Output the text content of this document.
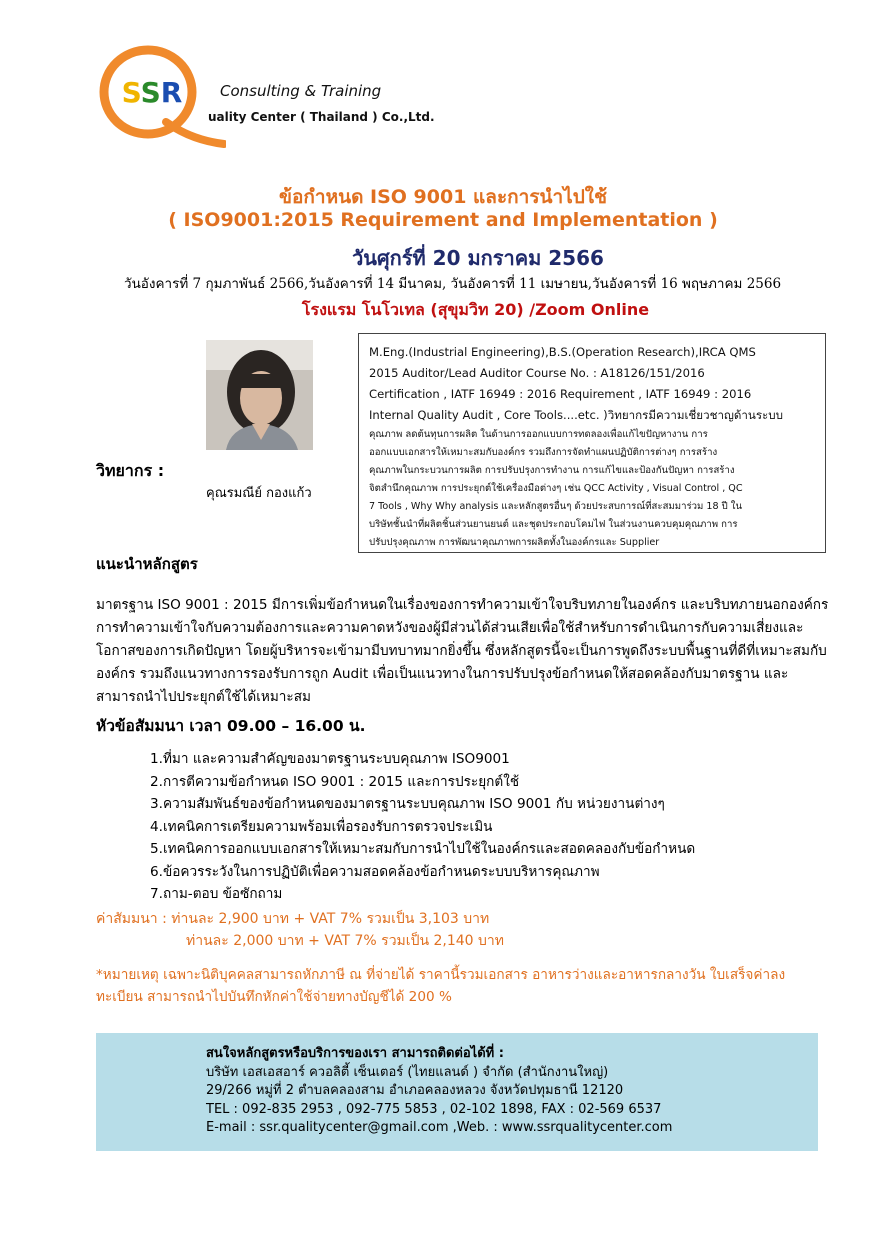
SSR	Consulting & Training
uality Center ( Thailand ) Co.,Ltd.
ข้อกำหนด ISO 9001 และการนำไปใช้
( ISO9001:2015 Requirement and Implementation )
วันศุกร์ที่ 20 มกราคม 2566
วันอังคารที่ 7 กุมภาพันธ์ 2566,วันอังคารที่ 14 มีนาคม, วันอังคารที่ 11 เมษายน,วันอังคารที่ 16 พฤษภาคม 2566
โรงแรม โนโวเทล (สุขุมวิท 20) /Zoom Online
วิทยากร :
คุณรมณีย์ กองแก้ว
M.Eng.(Industrial Engineering),B.S.(Operation Research),IRCA QMS
2015 Auditor/Lead Auditor Course No. : A18126/151/2016
Certification , IATF 16949 : 2016 Requirement , IATF 16949 : 2016
Internal Quality Audit , Core Tools....etc. )วิทยากรมีความเชี่ยวชาญด้านระบบ
คุณภาพ ลดต้นทุนการผลิต ในด้านการออกแบบการทดลองเพื่อแก้ไขปัญหางาน การ
ออกแบบเอกสารให้เหมาะสมกับองค์กร รวมถึงการจัดทำแผนปฏิบัติการต่างๆ การสร้าง
คุณภาพในกระบวนการผลิต การปรับปรุงการทำงาน การแก้ไขและป้องกันปัญหา การสร้าง
จิตสำนึกคุณภาพ การประยุกต์ใช้เครื่องมือต่างๆ เช่น QCC Activity , Visual Control , QC
7 Tools , Why Why analysis และหลักสูตรอื่นๆ ด้วยประสบการณ์ที่สะสมมาร่วม 18 ปี ใน
บริษัทชั้นนำที่ผลิตชิ้นส่วนยานยนต์ และชุดประกอบโคมไฟ ในส่วนงานควบคุมคุณภาพ การ
ปรับปรุงคุณภาพ การพัฒนาคุณภาพการผลิตทั้งในองค์กรและ Supplier
แนะนำหลักสูตร
มาตรฐาน ISO 9001 : 2015 มีการเพิ่มข้อกำหนดในเรื่องของการทำความเข้าใจบริบทภายในองค์กร และบริบทภายนอกองค์กร การทำความเข้าใจกับความต้องการและความคาดหวังของผู้มีส่วนได้ส่วนเสียเพื่อใช้สำหรับการดำเนินการกับความเสี่ยงและโอกาสของการเกิดปัญหา โดยผู้บริหารจะเข้ามามีบทบาทมากยิ่งขึ้น ซึ่งหลักสูตรนี้จะเป็นการพูดถึงระบบพื้นฐานที่ดีที่เหมาะสมกับองค์กร รวมถึงแนวทางการรองรับการถูก Audit เพื่อเป็นแนวทางในการปรับปรุงข้อกำหนดให้สอดคล้องกับมาตรฐาน และสามารถนำไปประยุกต์ใช้ได้เหมาะสม
หัวข้อสัมมนา เวลา 09.00 – 16.00 น.
1.ที่มา และความสำคัญของมาตรฐานระบบคุณภาพ ISO9001
2.การตีความข้อกำหนด ISO 9001 : 2015 และการประยุกต์ใช้
3.ความสัมพันธ์ของข้อกำหนดของมาตรฐานระบบคุณภาพ ISO 9001 กับ หน่วยงานต่างๆ
4.เทคนิคการเตรียมความพร้อมเพื่อรองรับการตรวจประเมิน
5.เทคนิคการออกแบบเอกสารให้เหมาะสมกับการนำไปใช้ในองค์กรและสอดคลองกับข้อกำหนด
6.ข้อควรระวังในการปฏิบัติเพื่อความสอดคล้องข้อกำหนดระบบบริหารคุณภาพ
7.ถาม-ตอบ ข้อซักถาม
ค่าสัมมนา : ท่านละ 2,900 บาท + VAT 7% รวมเป็น 3,103 บาท
ท่านละ 2,000 บาท + VAT 7% รวมเป็น 2,140 บาท
*หมายเหตุ เฉพาะนิติบุคคลสามารถหักภาษี ณ ที่จ่ายได้ ราคานี้รวมเอกสาร อาหารว่างและอาหารกลางวัน ใบเสร็จค่าลงทะเบียน สามารถนำไปบันทึกหักค่าใช้จ่ายทางบัญชีได้ 200 %
สนใจหลักสูตรหรือบริการของเรา สามารถติดต่อได้ที่ :
บริษัท เอสเอสอาร์ ควอลิตี้ เซ็นเตอร์ (ไทยแลนด์ ) จำกัด (สำนักงานใหญ่)
29/266 หมู่ที่ 2 ตำบลคลองสาม อำเภอคลองหลวง จังหวัดปทุมธานี 12120
TEL : 092-835 2953 , 092-775 5853 , 02-102 1898, FAX : 02-569 6537
E-mail : ssr.qualitycenter@gmail.com ,Web. : www.ssrqualitycenter.com
